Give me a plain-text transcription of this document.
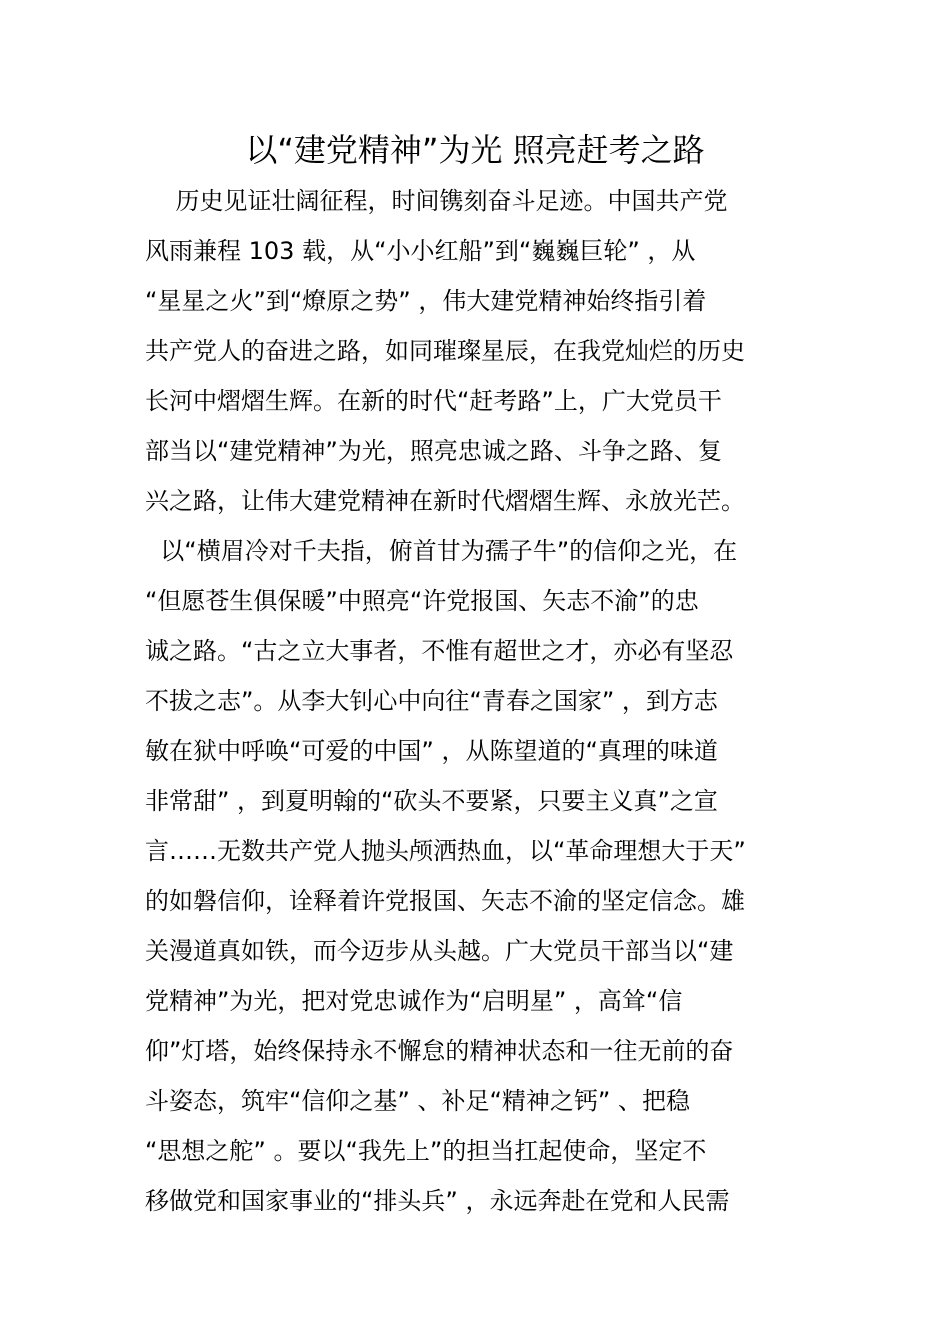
以“建党精神”为光 照亮赶考之路

历史见证壮阔征程，时间镌刻奋斗足迹。中国共产党

风雨兼程 103 载，从“小小红船”到“巍巍巨轮” ，从

“星星之火”到“燎原之势” ，伟大建党精神始终指引着

共产党人的奋进之路，如同璀璨星辰，在我党灿烂的历史

长河中熠熠生辉。在新的时代“赶考路”上，广大党员干

部当以“建党精神”为光，照亮忠诚之路、斗争之路、复

兴之路，让伟大建党精神在新时代熠熠生辉、永放光芒。

以“横眉冷对千夫指，俯首甘为孺子牛”的信仰之光，在

“但愿苍生俱保暖”中照亮“许党报国、矢志不渝”的忠

诚之路。“古之立大事者，不惟有超世之才，亦必有坚忍

不拔之志”。从李大钊心中向往“青春之国家” ，到方志

敏在狱中呼唤“可爱的中国” ，从陈望道的“真理的味道

非常甜” ，到夏明翰的“砍头不要紧，只要主义真”之宣

言……无数共产党人抛头颅洒热血，以“革命理想大于天”

的如磐信仰，诠释着许党报国、矢志不渝的坚定信念。雄

关漫道真如铁，而今迈步从头越。广大党员干部当以“建

党精神”为光，把对党忠诚作为“启明星” ，高耸“信

仰”灯塔，始终保持永不懈怠的精神状态和一往无前的奋

斗姿态，筑牢“信仰之基” 、补足“精神之钙” 、把稳

“思想之舵” 。要以“我先上”的担当扛起使命，坚定不

移做党和国家事业的“排头兵” ，永远奔赴在党和人民需
